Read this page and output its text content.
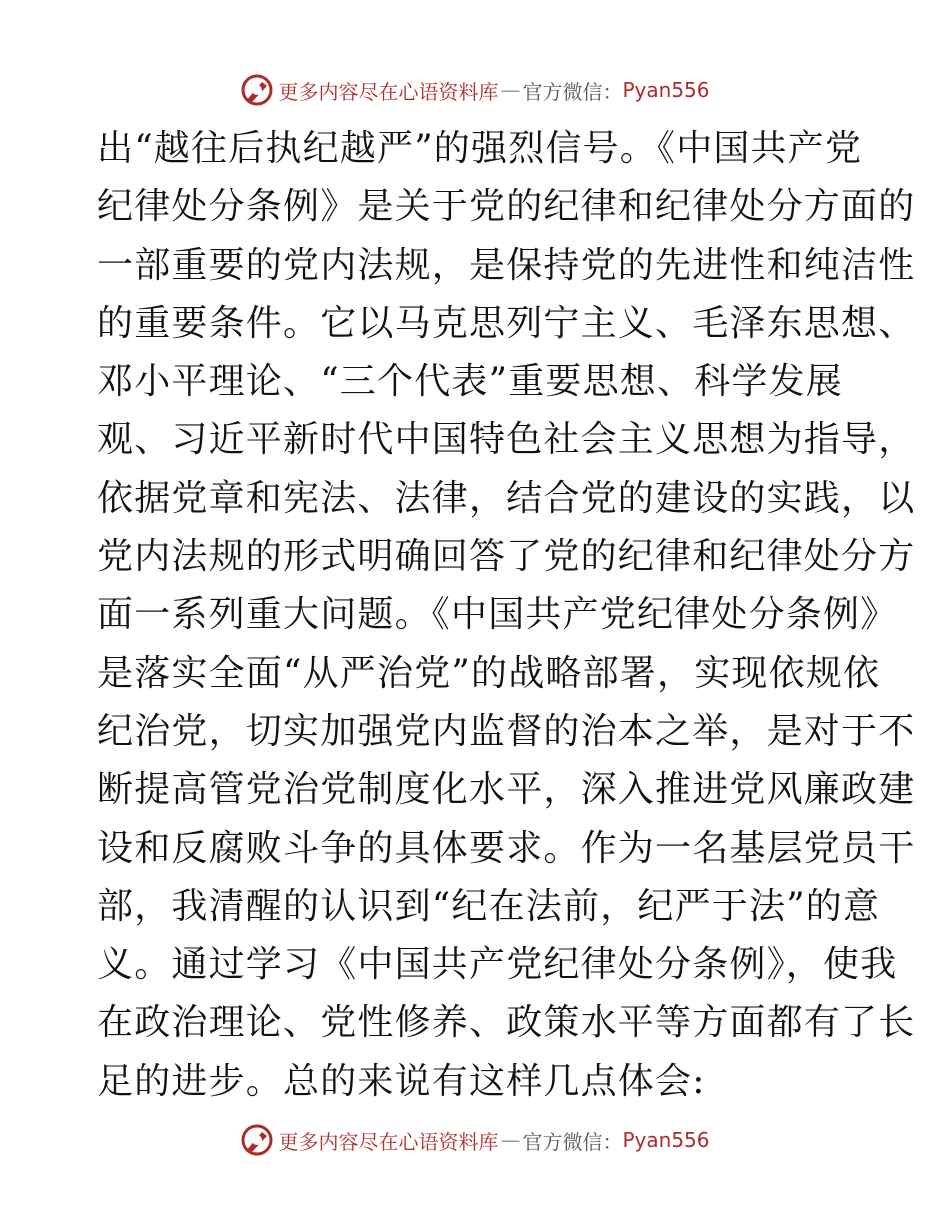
更多内容尽在心语资料库 — 官方微信： Pyan556
出“越往后执纪越严”的强烈信号。《中国共产党
纪律处分条例》是关于党的纪律和纪律处分方面的
一部重要的党内法规，是保持党的先进性和纯洁性
的重要条件。它以马克思列宁主义、毛泽东思想、
邓小平理论、“三个代表”重要思想、科学发展
观、习近平新时代中国特色社会主义思想为指导，
依据党章和宪法、法律，结合党的建设的实践，以
党内法规的形式明确回答了党的纪律和纪律处分方
面一系列重大问题。《中国共产党纪律处分条例》
是落实全面“从严治党”的战略部署，实现依规依
纪治党，切实加强党内监督的治本之举，是对于不
断提高管党治党制度化水平，深入推进党风廉政建
设和反腐败斗争的具体要求。作为一名基层党员干
部，我清醒的认识到“纪在法前，纪严于法”的意
义。通过学习《中国共产党纪律处分条例》，使我
在政治理论、党性修养、政策水平等方面都有了长
足的进步。总的来说有这样几点体会:
更多内容尽在心语资料库 — 官方微信： Pyan556
